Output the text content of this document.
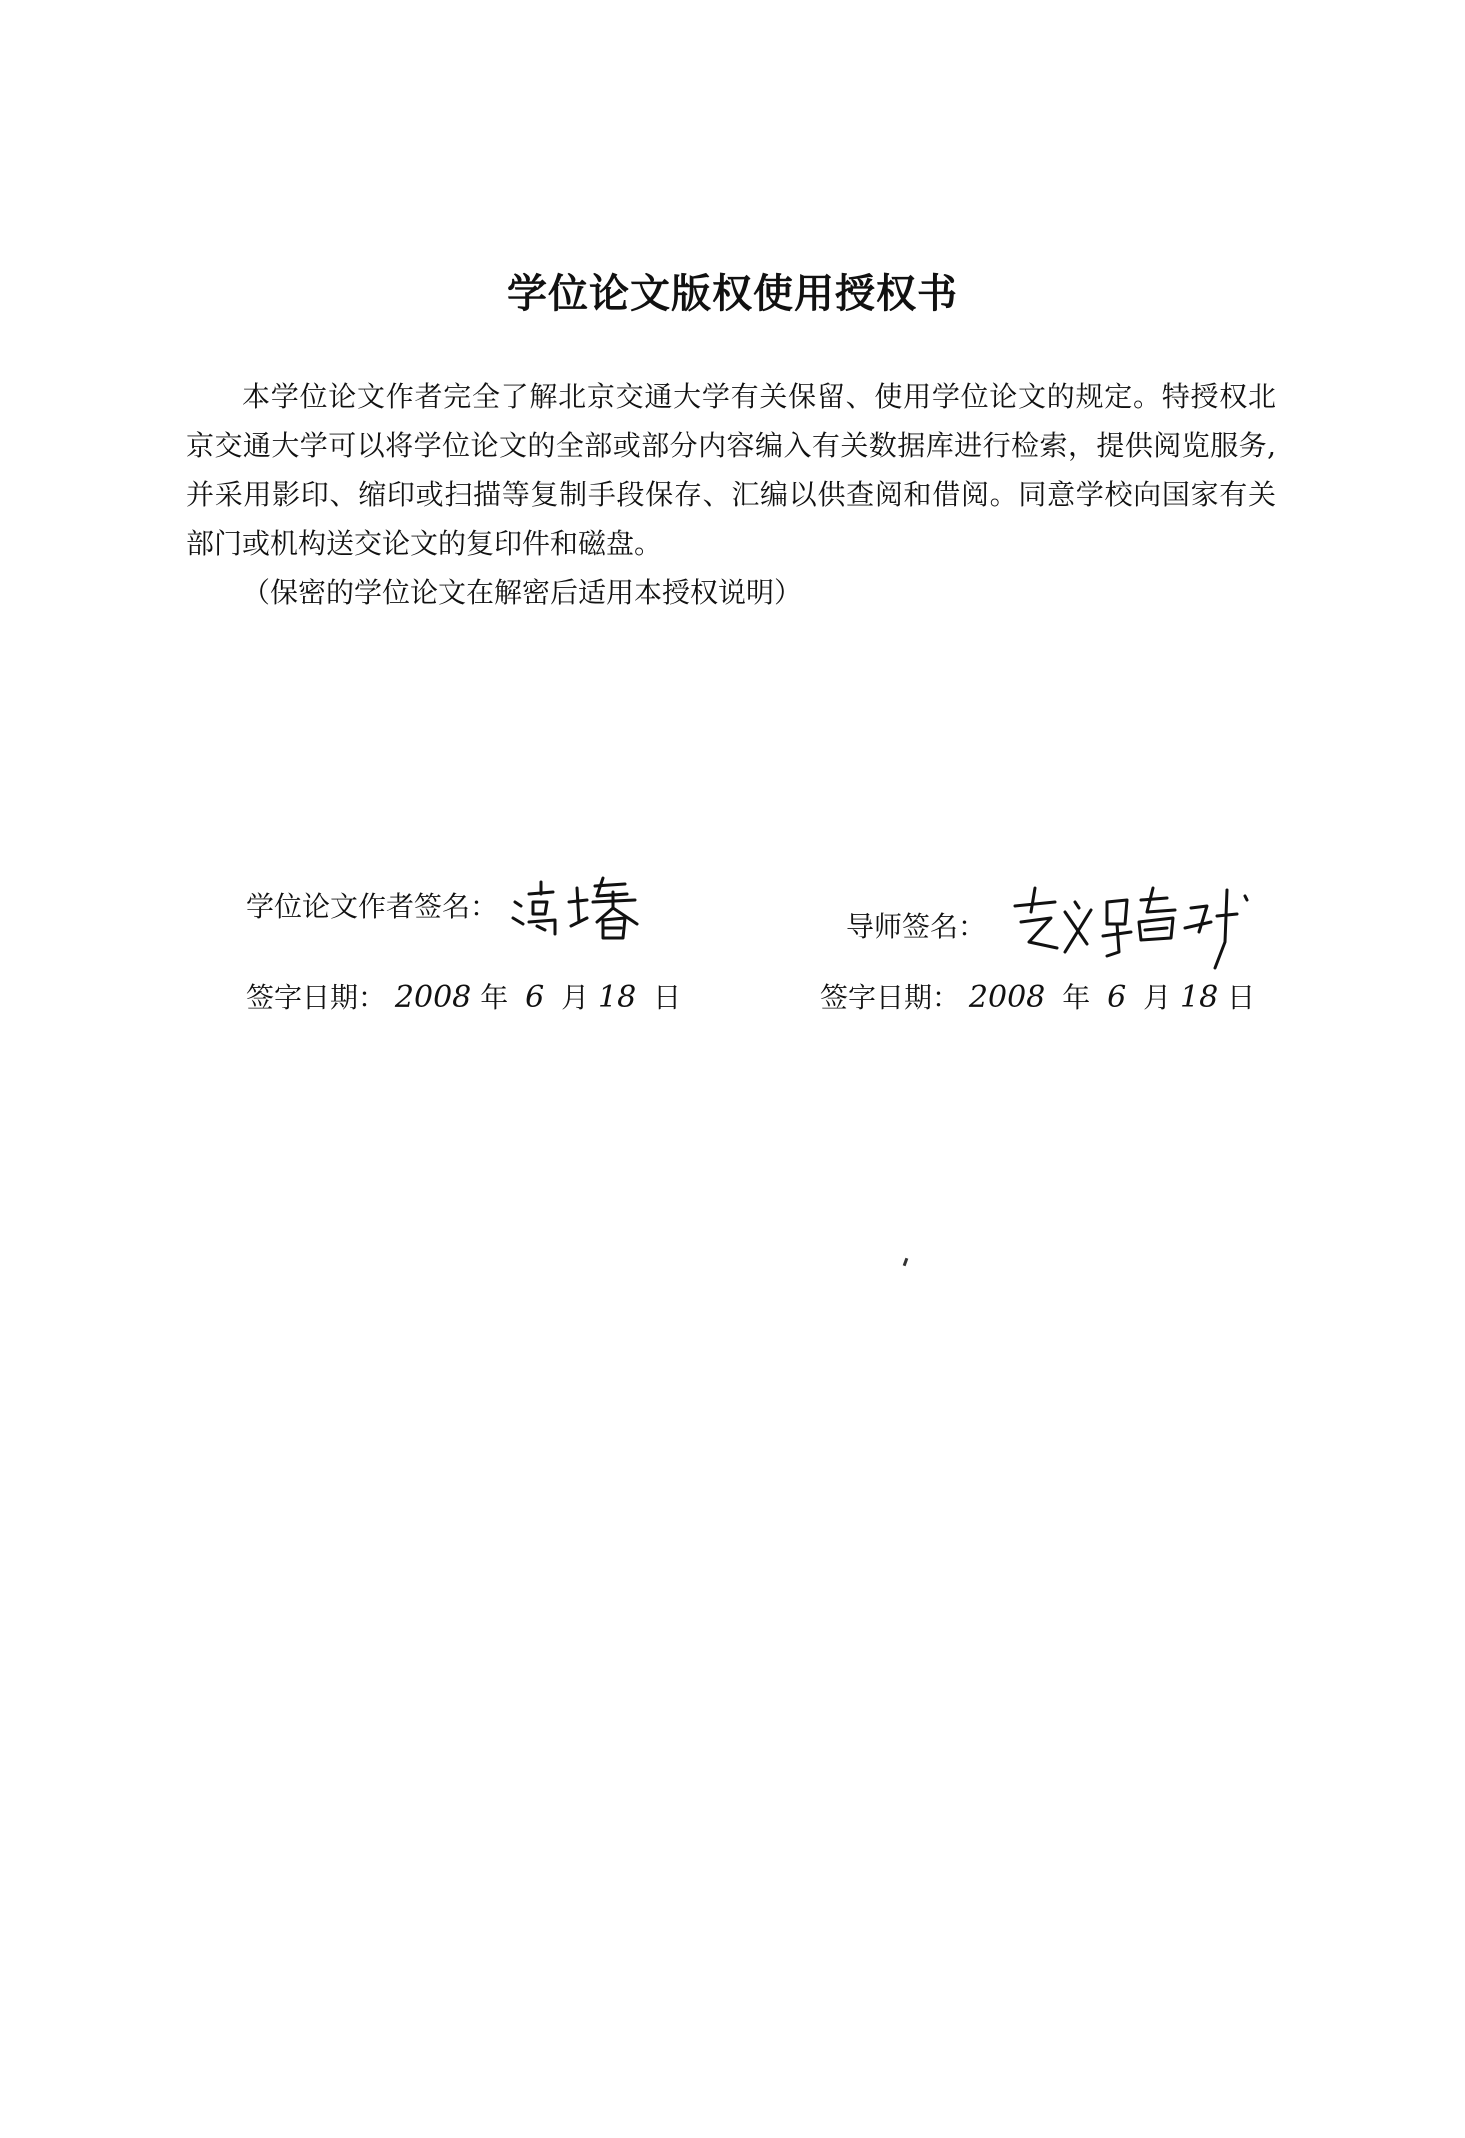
学位论文版权使用授权书

本学位论文作者完全了解北京交通大学有关保留、使用学位论文的规定。特授权北京交通大学可以将学位论文的全部或部分内容编入有关数据库进行检索，提供阅览服务,并采用影印、缩印或扫描等复制手段保存、汇编以供查阅和借阅。同意学校向国家有关部门或机构送交论文的复印件和磁盘。

（保密的学位论文在解密后适用本授权说明）

学位论文作者签名：
签字日期： 2008 年 6 月 18 日
导师签名：
签字日期： 2008 年 6 月 18 日
